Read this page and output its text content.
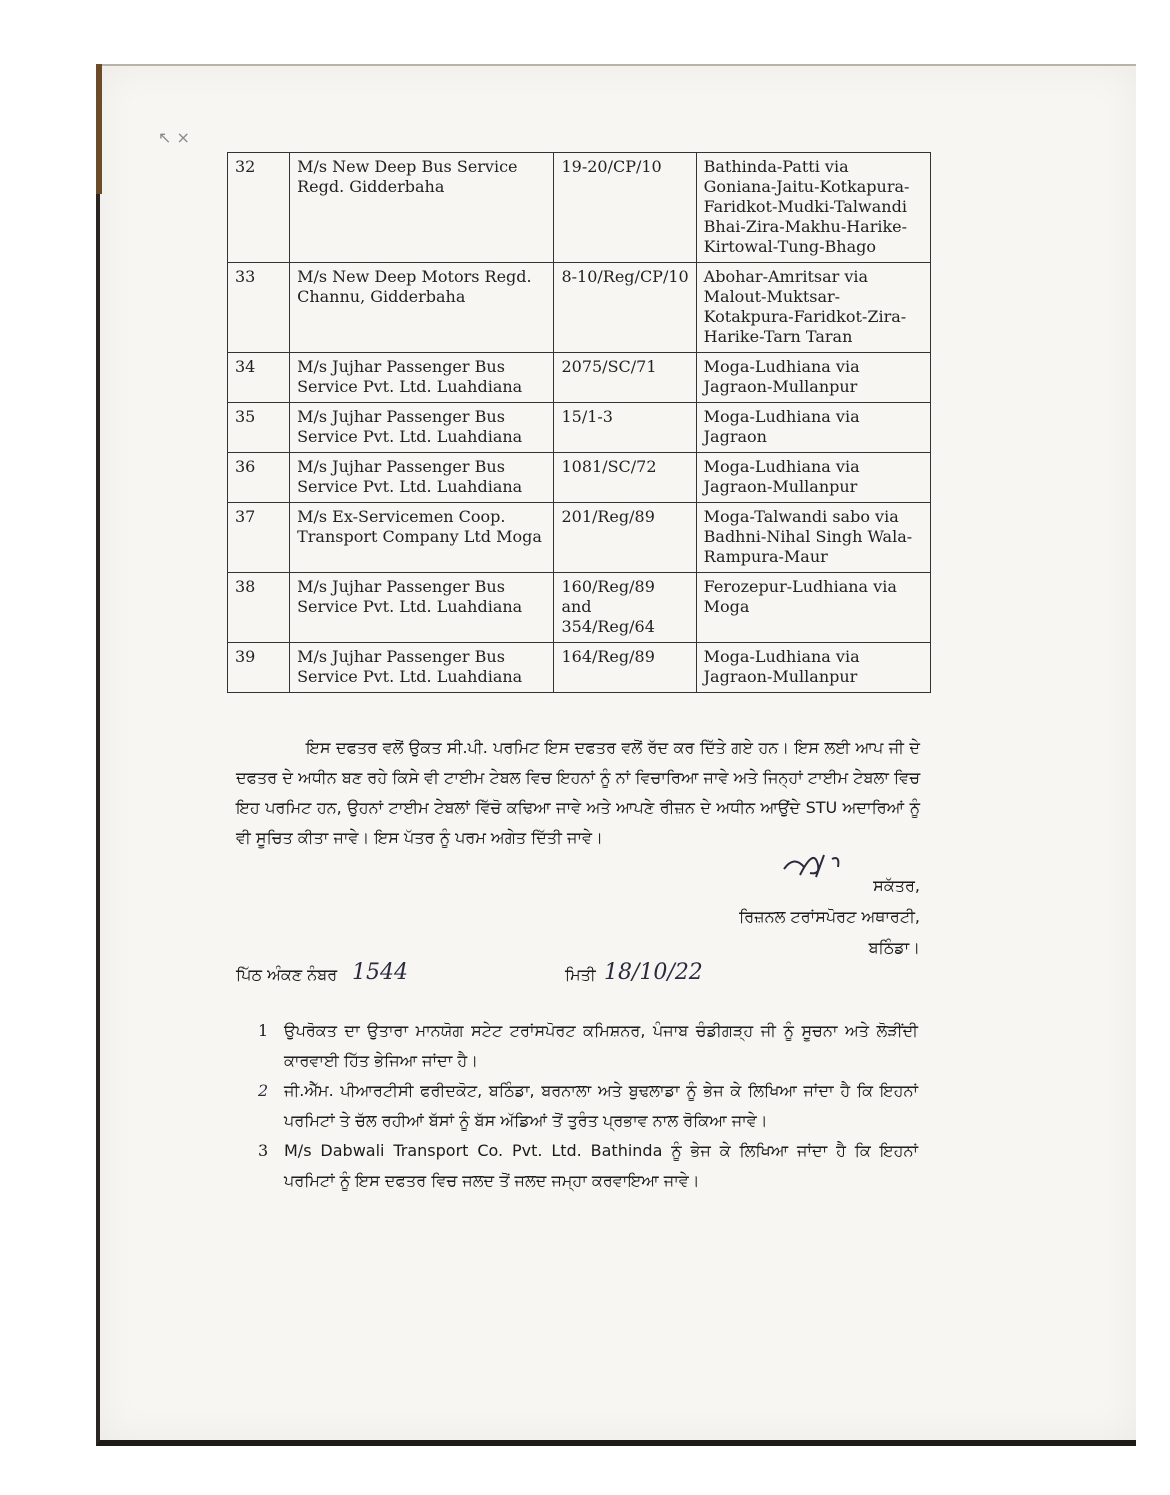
↖ ×
32	M/s New Deep Bus Service Regd. Gidderbaha	19-20/CP/10	Bathinda-Patti via Goniana-Jaitu-Kotkapura-Faridkot-Mudki-Talwandi Bhai-Zira-Makhu-Harike-Kirtowal-Tung-Bhago
33	M/s New Deep Motors Regd. Channu, Gidderbaha	8-10/Reg/CP/10	Abohar-Amritsar via Malout-Muktsar-Kotakpura-Faridkot-Zira-Harike-Tarn Taran
34	M/s Jujhar Passenger Bus Service Pvt. Ltd. Luahdiana	2075/SC/71	Moga-Ludhiana via Jagraon-Mullanpur
35	M/s Jujhar Passenger Bus Service Pvt. Ltd. Luahdiana	15/1-3	Moga-Ludhiana via Jagraon
36	M/s Jujhar Passenger Bus Service Pvt. Ltd. Luahdiana	1081/SC/72	Moga-Ludhiana via Jagraon-Mullanpur
37	M/s Ex-Servicemen Coop. Transport Company Ltd Moga	201/Reg/89	Moga-Talwandi sabo via Badhni-Nihal Singh Wala-Rampura-Maur
38	M/s Jujhar Passenger Bus Service Pvt. Ltd. Luahdiana	160/Reg/89 and 354/Reg/64	Ferozepur-Ludhiana via Moga
39	M/s Jujhar Passenger Bus Service Pvt. Ltd. Luahdiana	164/Reg/89	Moga-Ludhiana via Jagraon-Mullanpur
ਇਸ ਦਫਤਰ ਵਲੋਂ ਉਕਤ ਸੀ.ਪੀ. ਪਰਮਿਟ ਇਸ ਦਫਤਰ ਵਲੋਂ ਰੱਦ ਕਰ ਦਿੱਤੇ ਗਏ ਹਨ। ਇਸ ਲਈ ਆਪ ਜੀ ਦੇ ਦਫਤਰ ਦੇ ਅਧੀਨ ਬਣ ਰਹੇ ਕਿਸੇ ਵੀ ਟਾਈਮ ਟੇਬਲ ਵਿਚ ਇਹਨਾਂ ਨੂੰ ਨਾਂ ਵਿਚਾਰਿਆ ਜਾਵੇ ਅਤੇ ਜਿਨ੍ਹਾਂ ਟਾਈਮ ਟੇਬਲਾ ਵਿਚ ਇਹ ਪਰਮਿਟ ਹਨ, ਉਹਨਾਂ ਟਾਈਮ ਟੇਬਲਾਂ ਵਿੱਚੋ ਕਢਿਆ ਜਾਵੇ ਅਤੇ ਆਪਣੇ ਰੀਜ਼ਨ ਦੇ ਅਧੀਨ ਆਉਂਦੇ STU ਅਦਾਰਿਆਂ ਨੂੰ ਵੀ ਸੂਚਿਤ ਕੀਤਾ ਜਾਵੇ। ਇਸ ਪੱਤਰ ਨੂੰ ਪਰਮ ਅਗੇਤ ਦਿੱਤੀ ਜਾਵੇ।
ਸਕੱਤਰ,
ਰਿਜ਼ਨਲ ਟਰਾਂਸਪੋਰਟ ਅਥਾਰਟੀ,
ਬਠਿੰਡਾ।
ਪਿੱਠ ਅੰਕਣ ਨੰਬਰ 1544	ਮਿਤੀ 18/10/22
1 ਉਪਰੋਕਤ ਦਾ ਉਤਾਰਾ ਮਾਨਯੋਗ ਸਟੇਟ ਟਰਾਂਸਪੋਰਟ ਕਮਿਸ਼ਨਰ, ਪੰਜਾਬ ਚੰਡੀਗੜ੍ਹ ਜੀ ਨੂੰ ਸੂਚਨਾ ਅਤੇ ਲੋੜੀਂਦੀ ਕਾਰਵਾਈ ਹਿੱਤ ਭੇਜਿਆ ਜਾਂਦਾ ਹੈ।
2 ਜੀ.ਐੱਮ. ਪੀਆਰਟੀਸੀ ਫਰੀਦਕੋਟ, ਬਠਿੰਡਾ, ਬਰਨਾਲਾ ਅਤੇ ਬੁਢਲਾਡਾ ਨੂੰ ਭੇਜ ਕੇ ਲਿਖਿਆ ਜਾਂਦਾ ਹੈ ਕਿ ਇਹਨਾਂ ਪਰਮਿਟਾਂ ਤੇ ਚੱਲ ਰਹੀਆਂ ਬੱਸਾਂ ਨੂੰ ਬੱਸ ਅੱਡਿਆਂ ਤੋਂ ਤੁਰੰਤ ਪ੍ਰਭਾਵ ਨਾਲ ਰੋਕਿਆ ਜਾਵੇ।
3 M/s Dabwali Transport Co. Pvt. Ltd. Bathinda ਨੂੰ ਭੇਜ ਕੇ ਲਿਖਿਆ ਜਾਂਦਾ ਹੈ ਕਿ ਇਹਨਾਂ ਪਰਮਿਟਾਂ ਨੂੰ ਇਸ ਦਫਤਰ ਵਿਚ ਜਲਦ ਤੋਂ ਜਲਦ ਜਮ੍ਹਾ ਕਰਵਾਇਆ ਜਾਵੇ।
